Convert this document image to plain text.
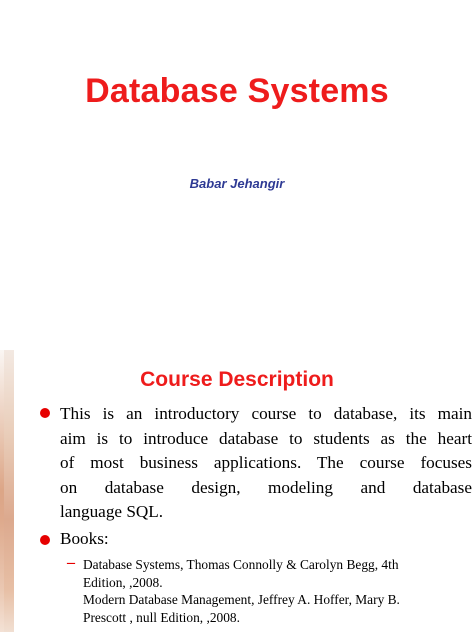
Database Systems
Babar Jehangir
Course Description

This is an introductory course to database, its main
aim is to introduce database to students as the heart
of most business applications. The course focuses
on database design, modeling and database
language SQL.

Books:
– Database Systems, Thomas Connolly & Carolyn Begg, 4th
Edition, ,2008.
Modern Database Management, Jeffrey A. Hoffer, Mary B.
Prescott , null Edition, ,2008.
